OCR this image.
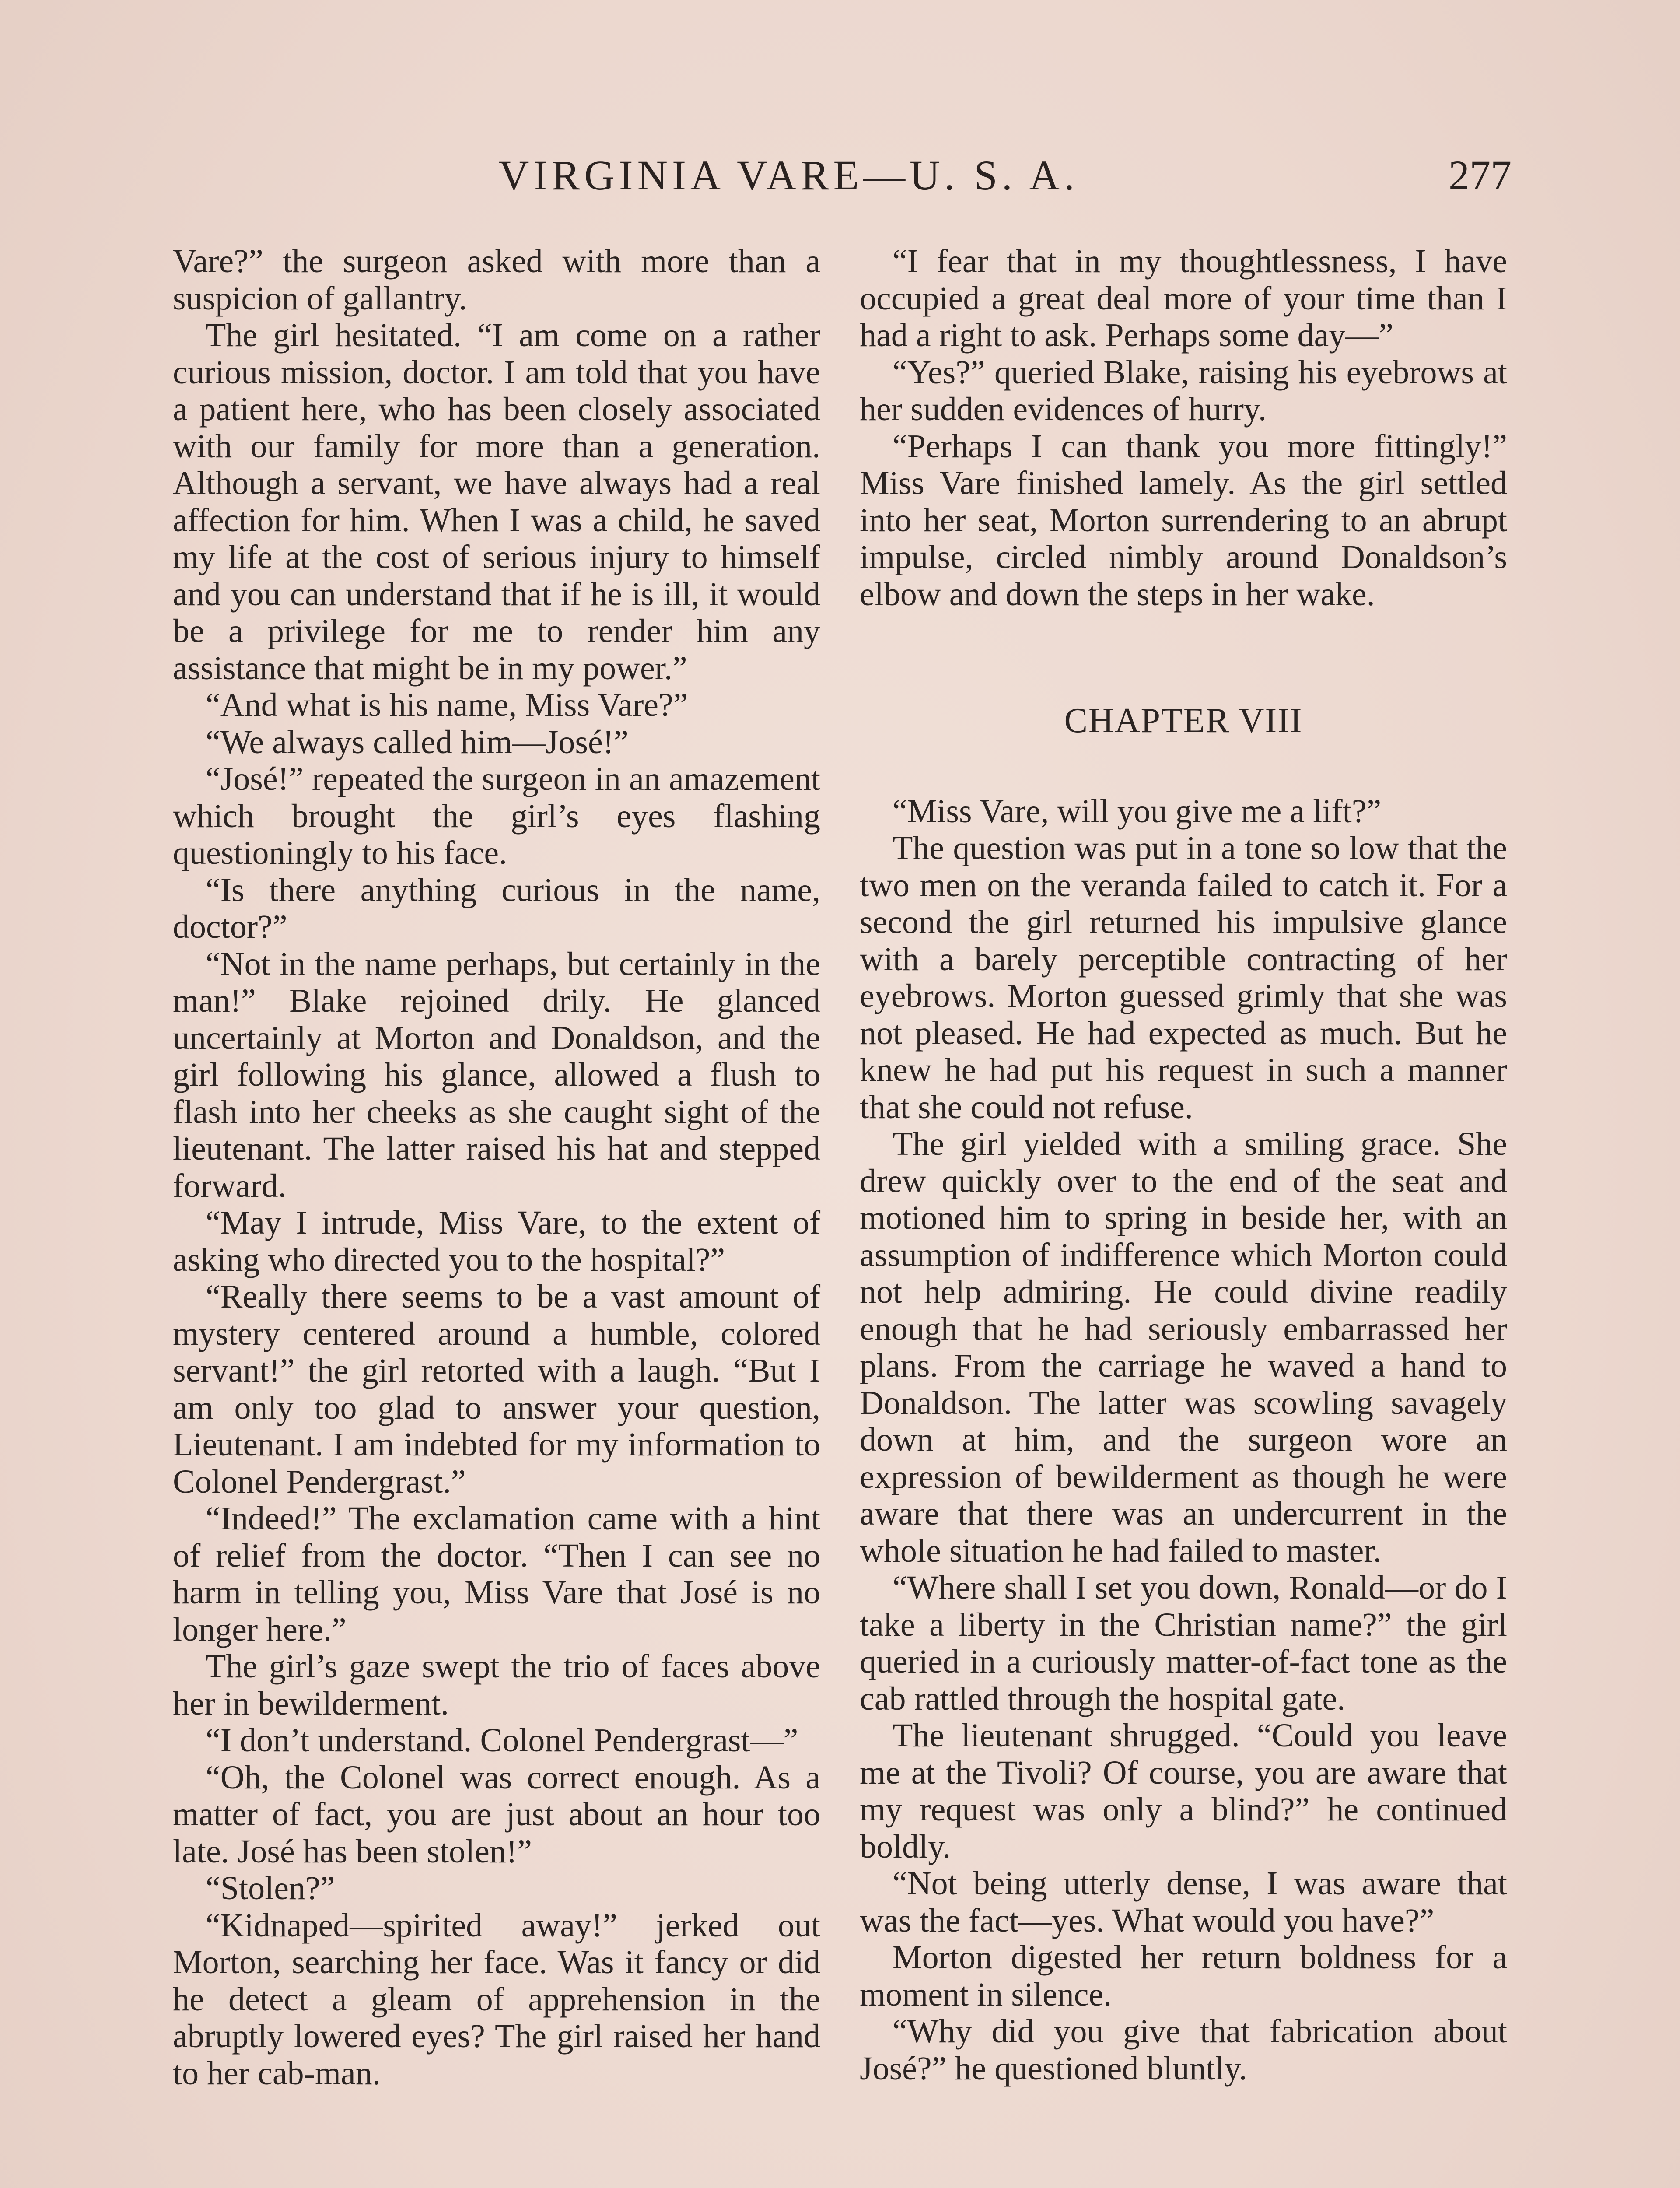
VIRGINIA VARE—U. S. A.	277

Vare?” the surgeon asked with more than a suspicion of gallantry.

The girl hesitated. “I am come on a rather curious mission, doctor. I am told that you have a patient here, who has been closely associated with our family for more than a generation. Although a servant, we have always had a real affection for him. When I was a child, he saved my life at the cost of serious injury to himself and you can understand that if he is ill, it would be a privilege for me to render him any assistance that might be in my power.”

“And what is his name, Miss Vare?”

“We always called him—José!”

“José!” repeated the surgeon in an amazement which brought the girl’s eyes flashing questioningly to his face.

“Is there anything curious in the name, doctor?”

“Not in the name perhaps, but certainly in the man!” Blake rejoined drily. He glanced uncertainly at Morton and Donaldson, and the girl following his glance, allowed a flush to flash into her cheeks as she caught sight of the lieutenant. The latter raised his hat and stepped forward.

“May I intrude, Miss Vare, to the extent of asking who directed you to the hospital?”

“Really there seems to be a vast amount of mystery centered around a humble, colored servant!” the girl retorted with a laugh. “But I am only too glad to answer your question, Lieutenant. I am indebted for my information to Colonel Pendergrast.”

“Indeed!” The exclamation came with a hint of relief from the doctor. “Then I can see no harm in telling you, Miss Vare that José is no longer here.”

The girl’s gaze swept the trio of faces above her in bewilderment.

“I don’t understand. Colonel Pendergrast—”

“Oh, the Colonel was correct enough. As a matter of fact, you are just about an hour too late. José has been stolen!”

“Stolen?”

“Kidnaped—spirited away!” jerked out Morton, searching her face. Was it fancy or did he detect a gleam of apprehension in the abruptly lowered eyes? The girl raised her hand to her cab-man.

“I fear that in my thoughtlessness, I have occupied a great deal more of your time than I had a right to ask. Perhaps some day—”

“Yes?” queried Blake, raising his eyebrows at her sudden evidences of hurry.

“Perhaps I can thank you more fittingly!” Miss Vare finished lamely. As the girl settled into her seat, Morton surrendering to an abrupt impulse, circled nimbly around Donaldson’s elbow and down the steps in her wake.

CHAPTER VIII

“Miss Vare, will you give me a lift?”

The question was put in a tone so low that the two men on the veranda failed to catch it. For a second the girl returned his impulsive glance with a barely perceptible contracting of her eyebrows. Morton guessed grimly that she was not pleased. He had expected as much. But he knew he had put his request in such a manner that she could not refuse.

The girl yielded with a smiling grace. She drew quickly over to the end of the seat and motioned him to spring in beside her, with an assumption of indifference which Morton could not help admiring. He could divine readily enough that he had seriously embarrassed her plans. From the carriage he waved a hand to Donaldson. The latter was scowling savagely down at him, and the surgeon wore an expression of bewilderment as though he were aware that there was an undercurrent in the whole situation he had failed to master.

“Where shall I set you down, Ronald—or do I take a liberty in the Christian name?” the girl queried in a curiously matter-of-fact tone as the cab rattled through the hospital gate.

The lieutenant shrugged. “Could you leave me at the Tivoli? Of course, you are aware that my request was only a blind?” he continued boldly.

“Not being utterly dense, I was aware that was the fact—yes. What would you have?”

Morton digested her return boldness for a moment in silence.

“Why did you give that fabrication about José?” he questioned bluntly.
